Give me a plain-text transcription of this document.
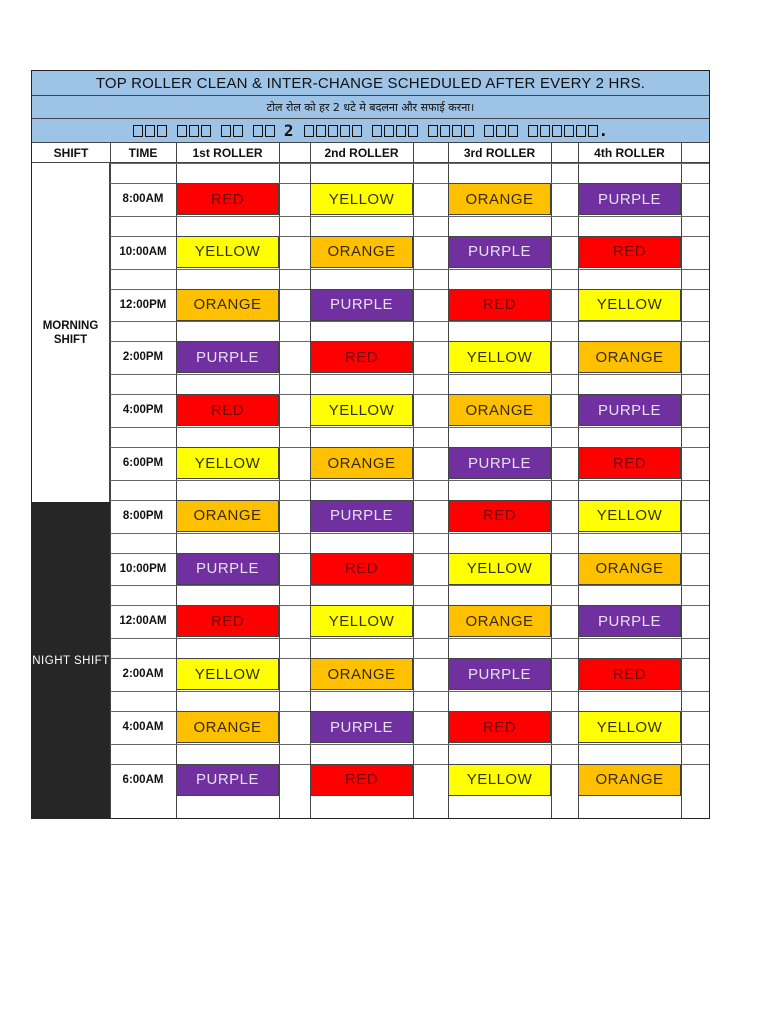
TOP ROLLER CLEAN & INTER-CHANGE SCHEDULED AFTER EVERY 2 HRS.
टोल रोल को हर 2 धटे मे बदलना और सफाई करना।
2	.
SHIFT	TIME	1st ROLLER	2nd ROLLER	3rd ROLLER	4th ROLLER
MORNING SHIFT
NIGHT SHIFT
8:00AM	RED	YELLOW	ORANGE	PURPLE
10:00AM	YELLOW	ORANGE	PURPLE	RED
12:00PM	ORANGE	PURPLE	RED	YELLOW
2:00PM	PURPLE	RED	YELLOW	ORANGE
4:00PM	RED	YELLOW	ORANGE	PURPLE
6:00PM	YELLOW	ORANGE	PURPLE	RED
8:00PM	ORANGE	PURPLE	RED	YELLOW
10:00PM	PURPLE	RED	YELLOW	ORANGE
12:00AM	RED	YELLOW	ORANGE	PURPLE
2:00AM	YELLOW	ORANGE	PURPLE	RED
4:00AM	ORANGE	PURPLE	RED	YELLOW
6:00AM	PURPLE	RED	YELLOW	ORANGE
